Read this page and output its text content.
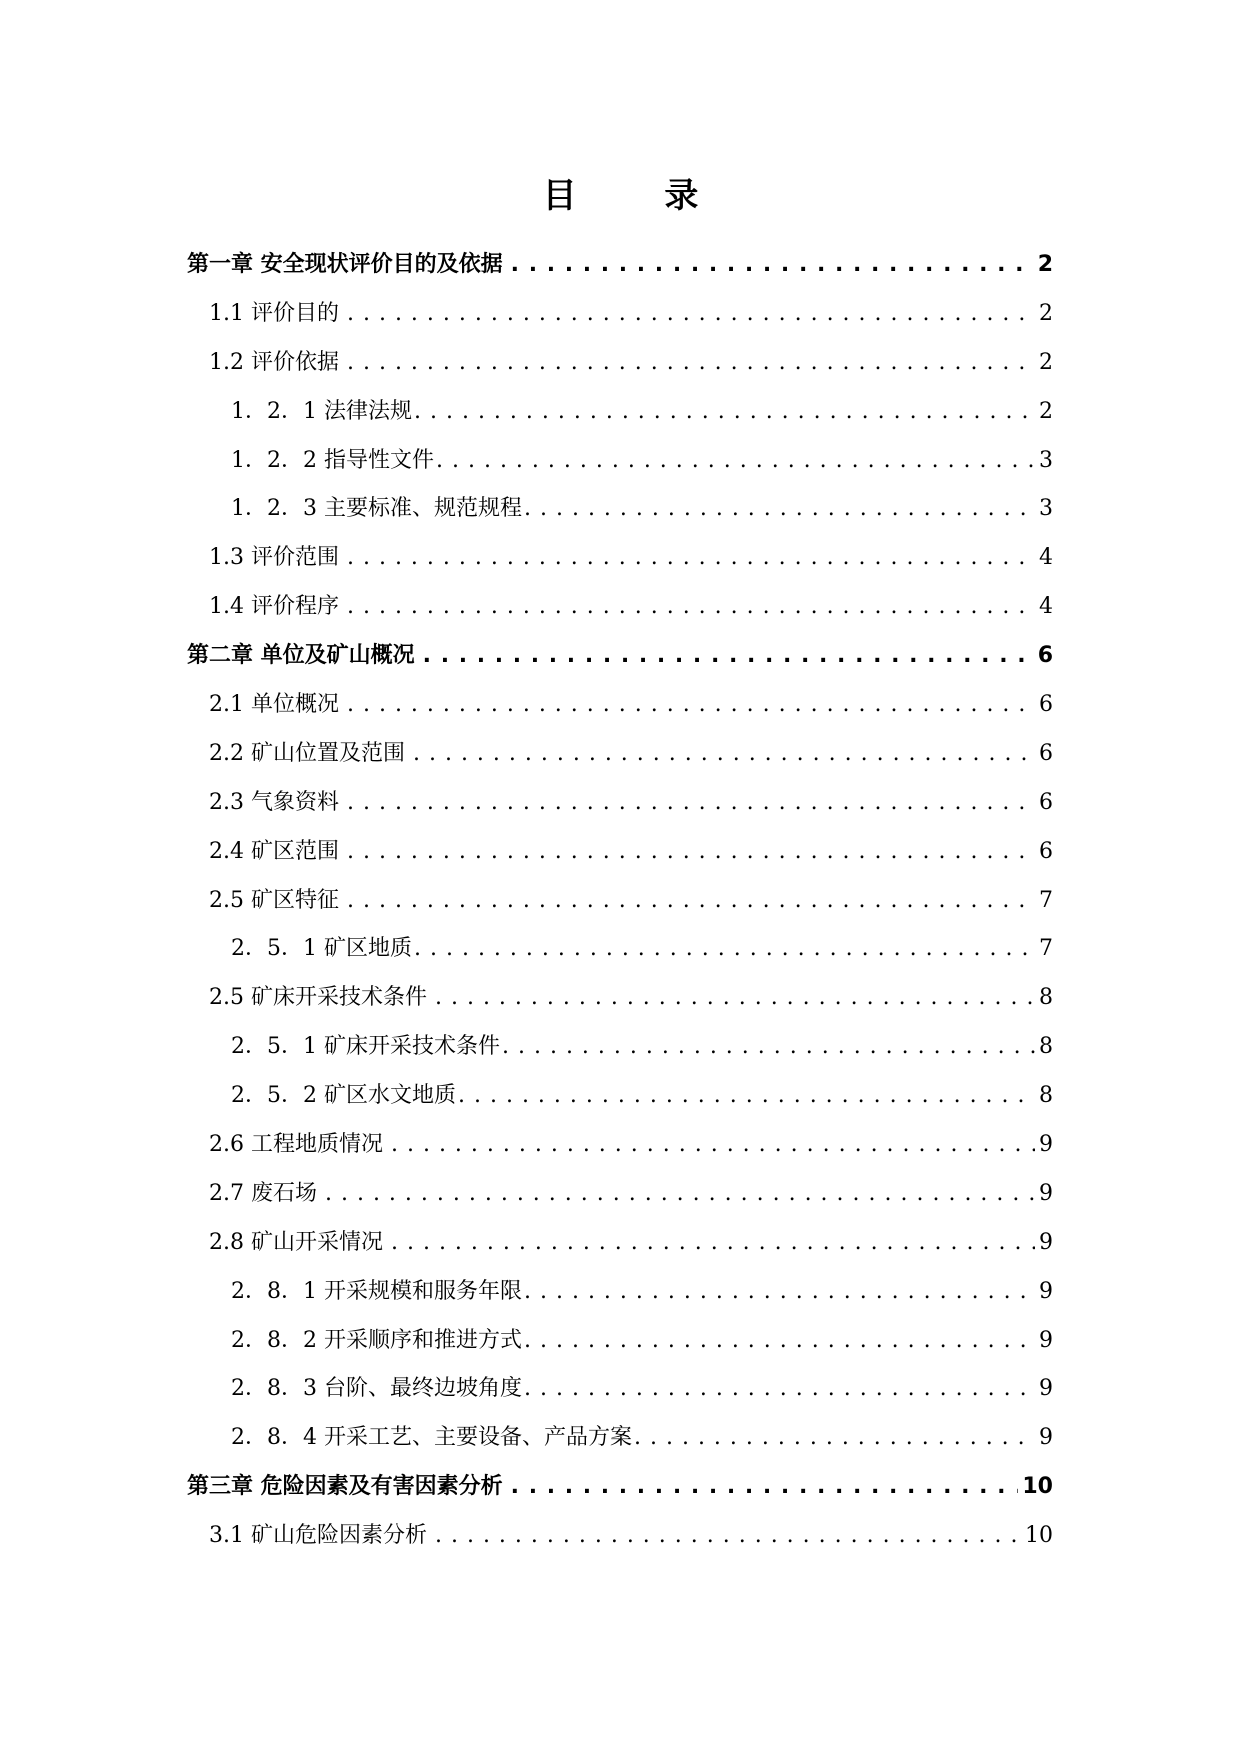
目 录
第一章 安全现状评价目的及依据 . . .	2
1.1 评价目的 . . .	2
1.2 评价依据 . . .	2
1．2．1 法律法规 . . .	2
1．2．2 指导性文件 . . .	3
1．2．3 主要标准、规范规程 . . .	3
1.3 评价范围 . . .	4
1.4 评价程序 . . .	4
第二章 单位及矿山概况 . . .	6
2.1 单位概况 . . .	6
2.2 矿山位置及范围 . . .	6
2.3 气象资料 . . .	6
2.4 矿区范围 . . .	6
2.5 矿区特征 . . .	7
2．5．1 矿区地质 . . .	7
2.5 矿床开采技术条件 . . .	8
2．5．1 矿床开采技术条件 . . .	8
2．5．2 矿区水文地质 . . .	8
2.6 工程地质情况 . . .	9
2.7 废石场 . . .	9
2.8 矿山开采情况 . . .	9
2．8．1 开采规模和服务年限 . . .	9
2．8．2 开采顺序和推进方式 . . .	9
2．8．3 台阶、最终边坡角度 . . .	9
2．8．4 开采工艺、主要设备、产品方案 . . .	9
第三章 危险因素及有害因素分析 . . .	10
3.1 矿山危险因素分析 . . .	10
